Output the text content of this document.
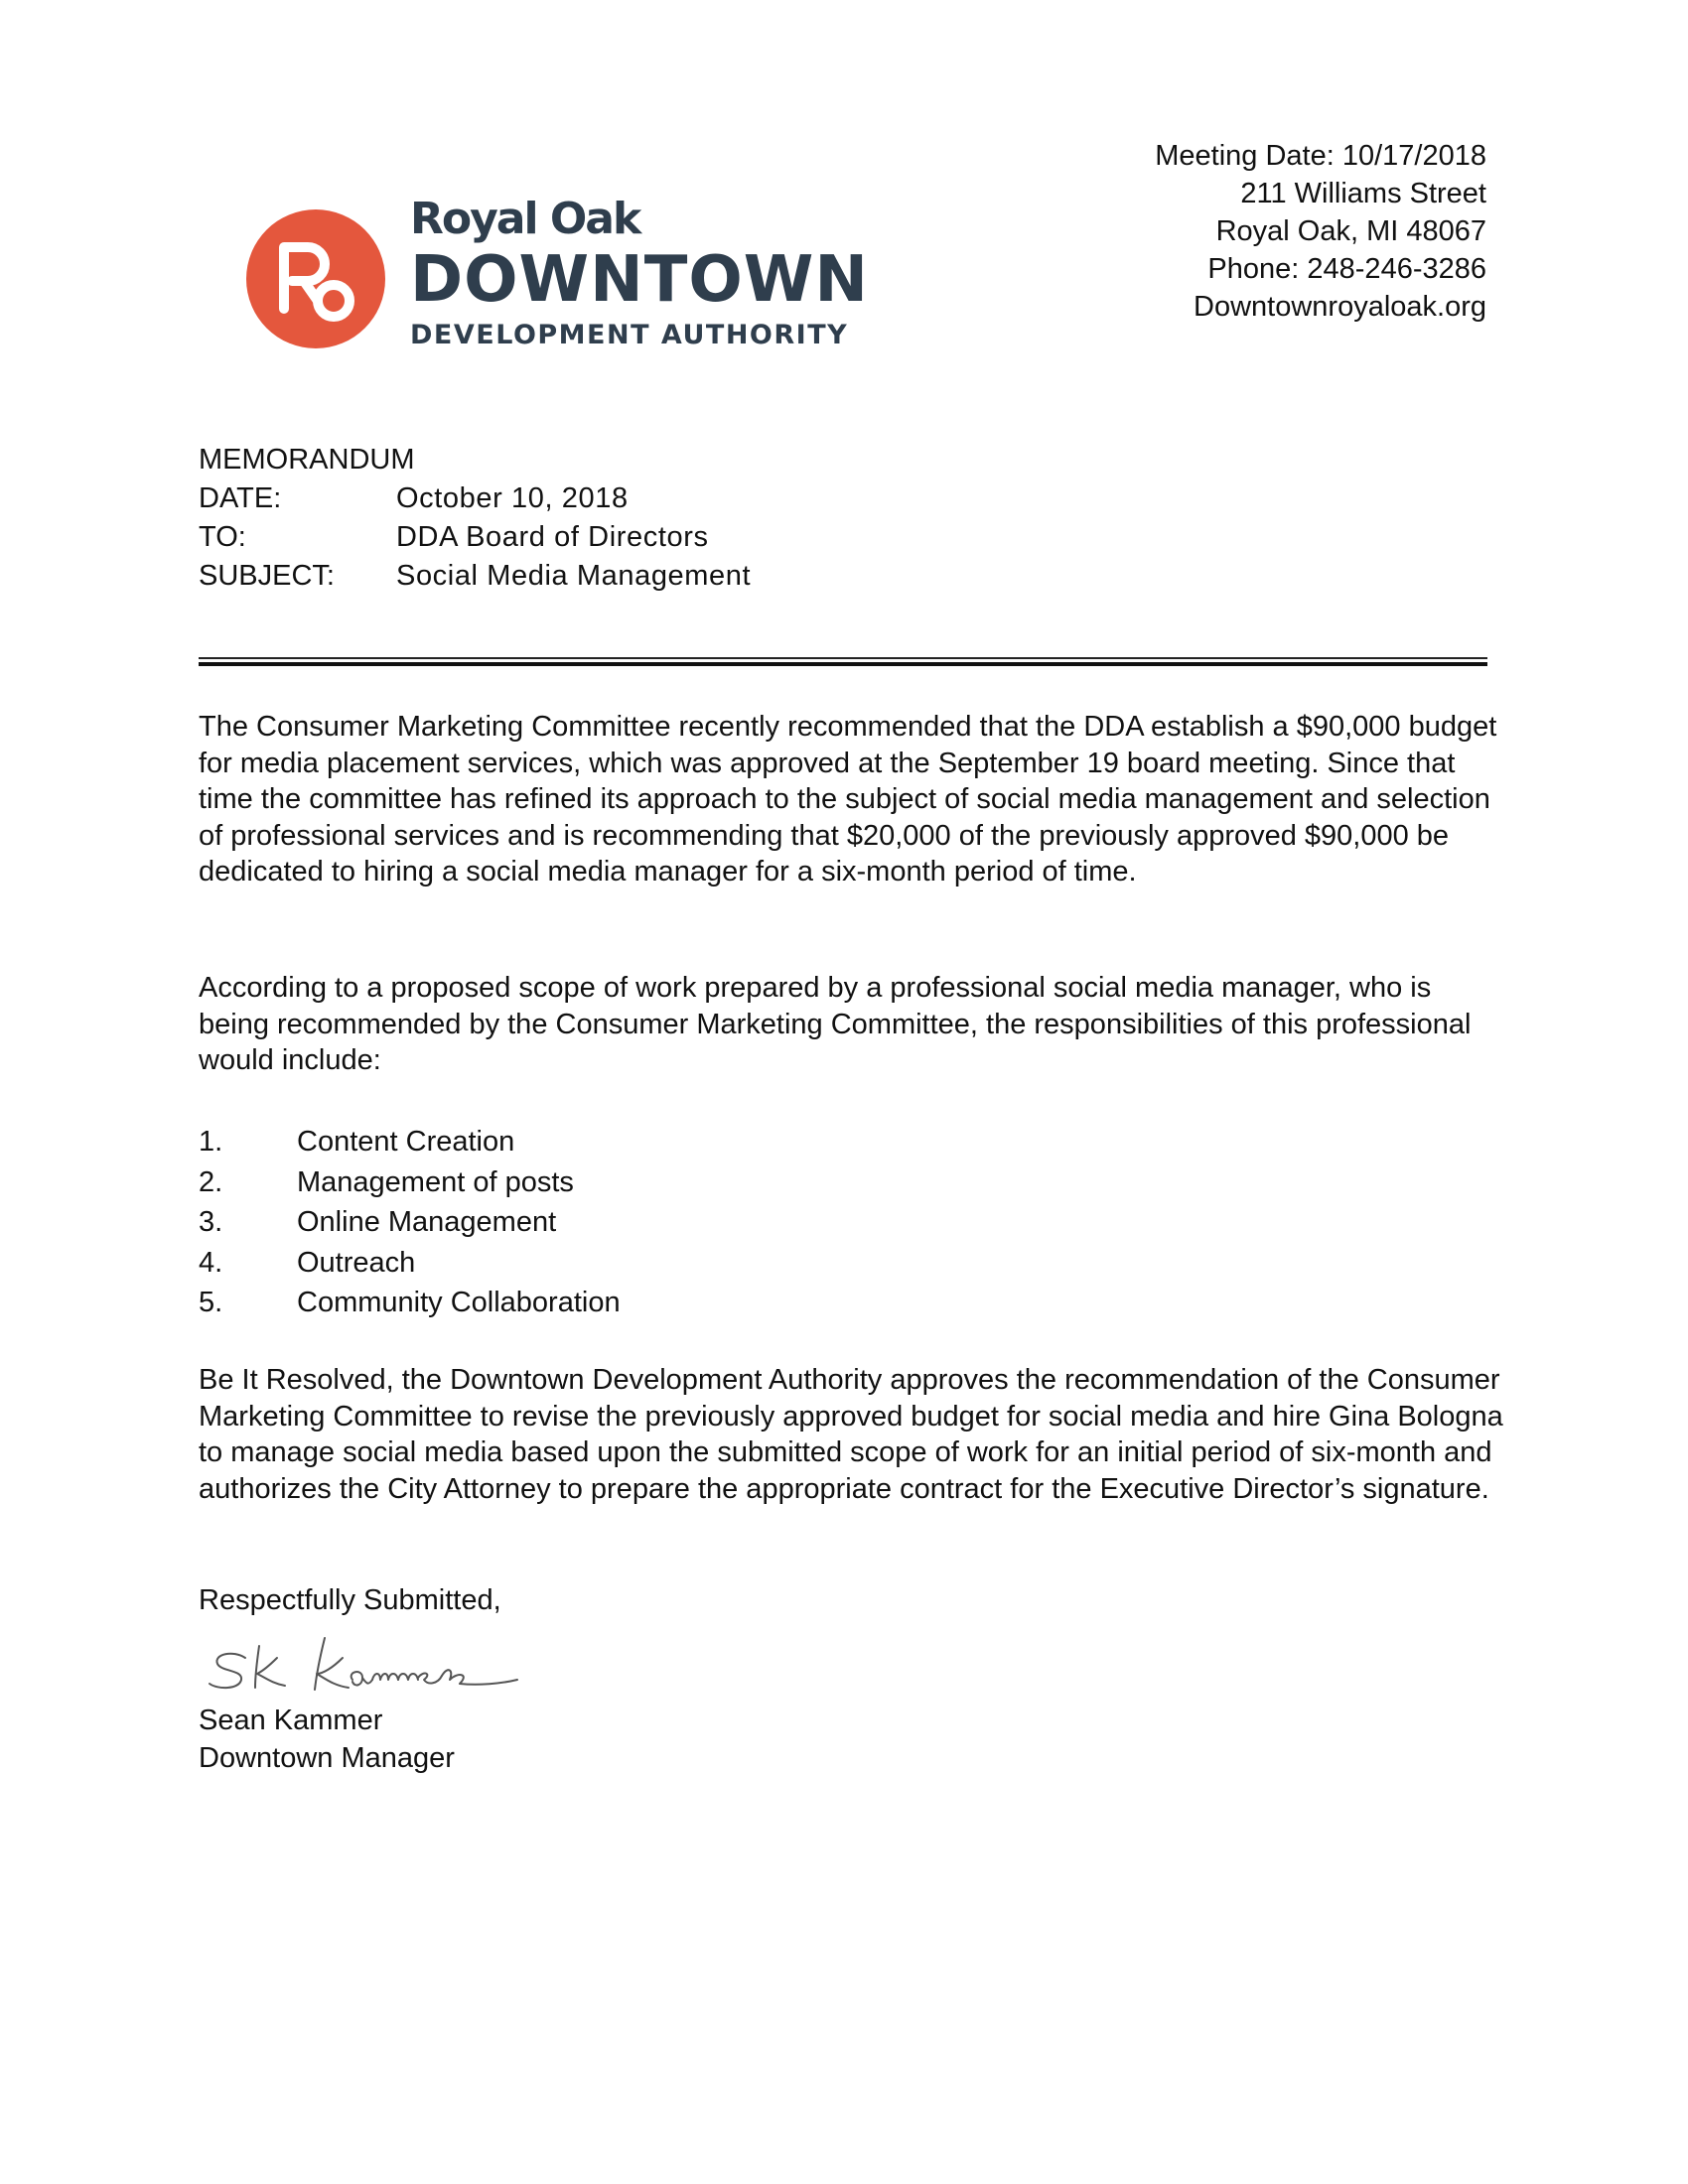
Meeting Date: 10/17/2018
211 Williams Street
Royal Oak, MI 48067
Phone: 248-246-3286
Downtownroyaloak.org
Royal Oak
DOWNTOWN
DEVELOPMENT AUTHORITY
MEMORANDUM
DATE:	October 10, 2018
TO:	DDA Board of Directors
SUBJECT:	Social Media Management
The Consumer Marketing Committee recently recommended that the DDA establish a $90,000 budget for media placement services, which was approved at the September 19 board meeting. Since that time the committee has refined its approach to the subject of social media management and selection of professional services and is recommending that $20,000 of the previously approved $90,000 be dedicated to hiring a social media manager for a six-month period of time.
According to a proposed scope of work prepared by a professional social media manager, who is being recommended by the Consumer Marketing Committee, the responsibilities of this professional would include:
1.	Content Creation
2.	Management of posts
3.	Online Management
4.	Outreach
5.	Community Collaboration
Be It Resolved, the Downtown Development Authority approves the recommendation of the Consumer Marketing Committee to revise the previously approved budget for social media and hire Gina Bologna to manage social media based upon the submitted scope of work for an initial period of six-month and authorizes the City Attorney to prepare the appropriate contract for the Executive Director’s signature.
Respectfully Submitted,
Sean Kammer
Downtown Manager
